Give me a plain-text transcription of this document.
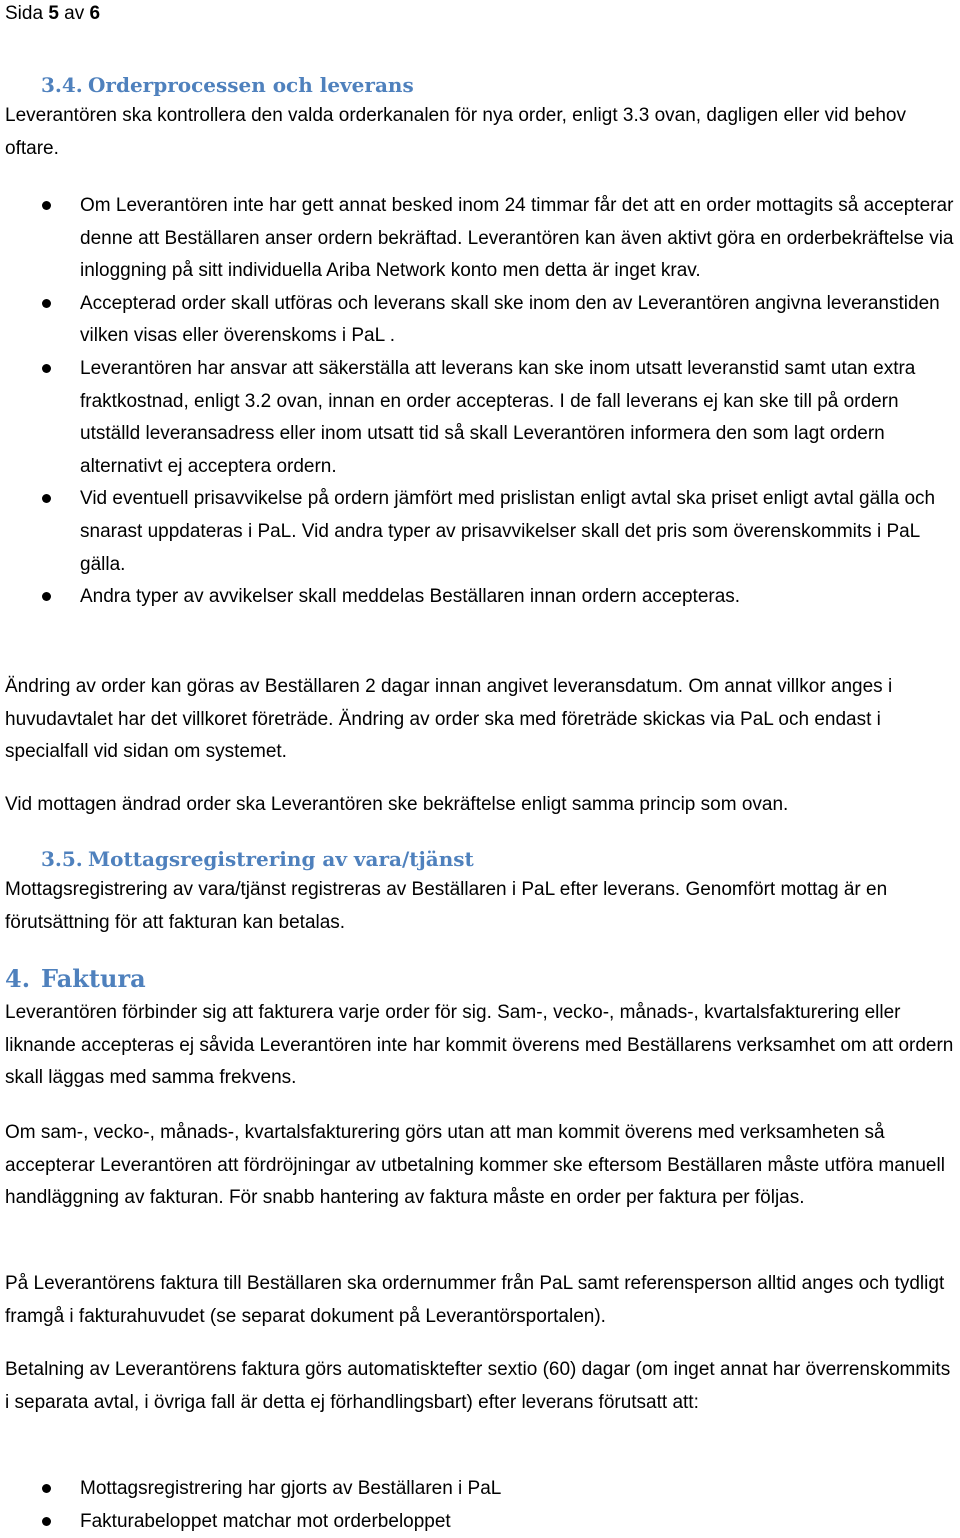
Sida 5 av 6
3.4. Orderprocessen och leverans

Leverantören ska kontrollera den valda orderkanalen för nya order, enligt 3.3 ovan, dagligen eller vid behov oftare.

Om Leverantören inte har gett annat besked inom 24 timmar får det att en order mottagits så accepterar denne att Beställaren anser ordern bekräftad. Leverantören kan även aktivt göra en orderbekräftelse via inloggning på sitt individuella Ariba Network konto men detta är inget krav.
Accepterad order skall utföras och leverans skall ske inom den av Leverantören angivna leveranstiden vilken visas eller överenskoms i PaL .
Leverantören har ansvar att säkerställa att leverans kan ske inom utsatt leveranstid samt utan extra fraktkostnad, enligt 3.2 ovan, innan en order accepteras. I de fall leverans ej kan ske till på ordern utställd leveransadress eller inom utsatt tid så skall Leverantören informera den som lagt ordern alternativt ej acceptera ordern.
Vid eventuell prisavvikelse på ordern jämfört med prislistan enligt avtal ska priset enligt avtal gälla och snarast uppdateras i PaL. Vid andra typer av prisavvikelser skall det pris som överenskommits i PaL gälla.
Andra typer av avvikelser skall meddelas Beställaren innan ordern accepteras.

Ändring av order kan göras av Beställaren 2 dagar innan angivet leveransdatum. Om annat villkor anges i huvudavtalet har det villkoret företräde. Ändring av order ska med företräde skickas via PaL och endast i specialfall vid sidan om systemet.

Vid mottagen ändrad order ska Leverantören ske bekräftelse enligt samma princip som ovan.

3.5. Mottagsregistrering av vara/tjänst

Mottagsregistrering av vara/tjänst registreras av Beställaren i PaL efter leverans. Genomfört mottag är en förutsättning för att fakturan kan betalas.

4. Faktura

Leverantören förbinder sig att fakturera varje order för sig. Sam-, vecko-, månads-, kvartalsfakturering eller liknande accepteras ej såvida Leverantören inte har kommit överens med Beställarens verksamhet om att ordern skall läggas med samma frekvens.

Om sam-, vecko-, månads-, kvartalsfakturering görs utan att man kommit överens med verksamheten så accepterar Leverantören att fördröjningar av utbetalning kommer ske eftersom Beställaren måste utföra manuell handläggning av fakturan. För snabb hantering av faktura måste en order per faktura per följas.

På Leverantörens faktura till Beställaren ska ordernummer från PaL samt referensperson alltid anges och tydligt framgå i fakturahuvudet (se separat dokument på Leverantörsportalen).

Betalning av Leverantörens faktura görs automatisktefter sextio (60) dagar (om inget annat har överrenskommits i separata avtal, i övriga fall är detta ej förhandlingsbart) efter leverans förutsatt att:

Mottagsregistrering har gjorts av Beställaren i PaL
Fakturabeloppet matchar mot orderbeloppet
